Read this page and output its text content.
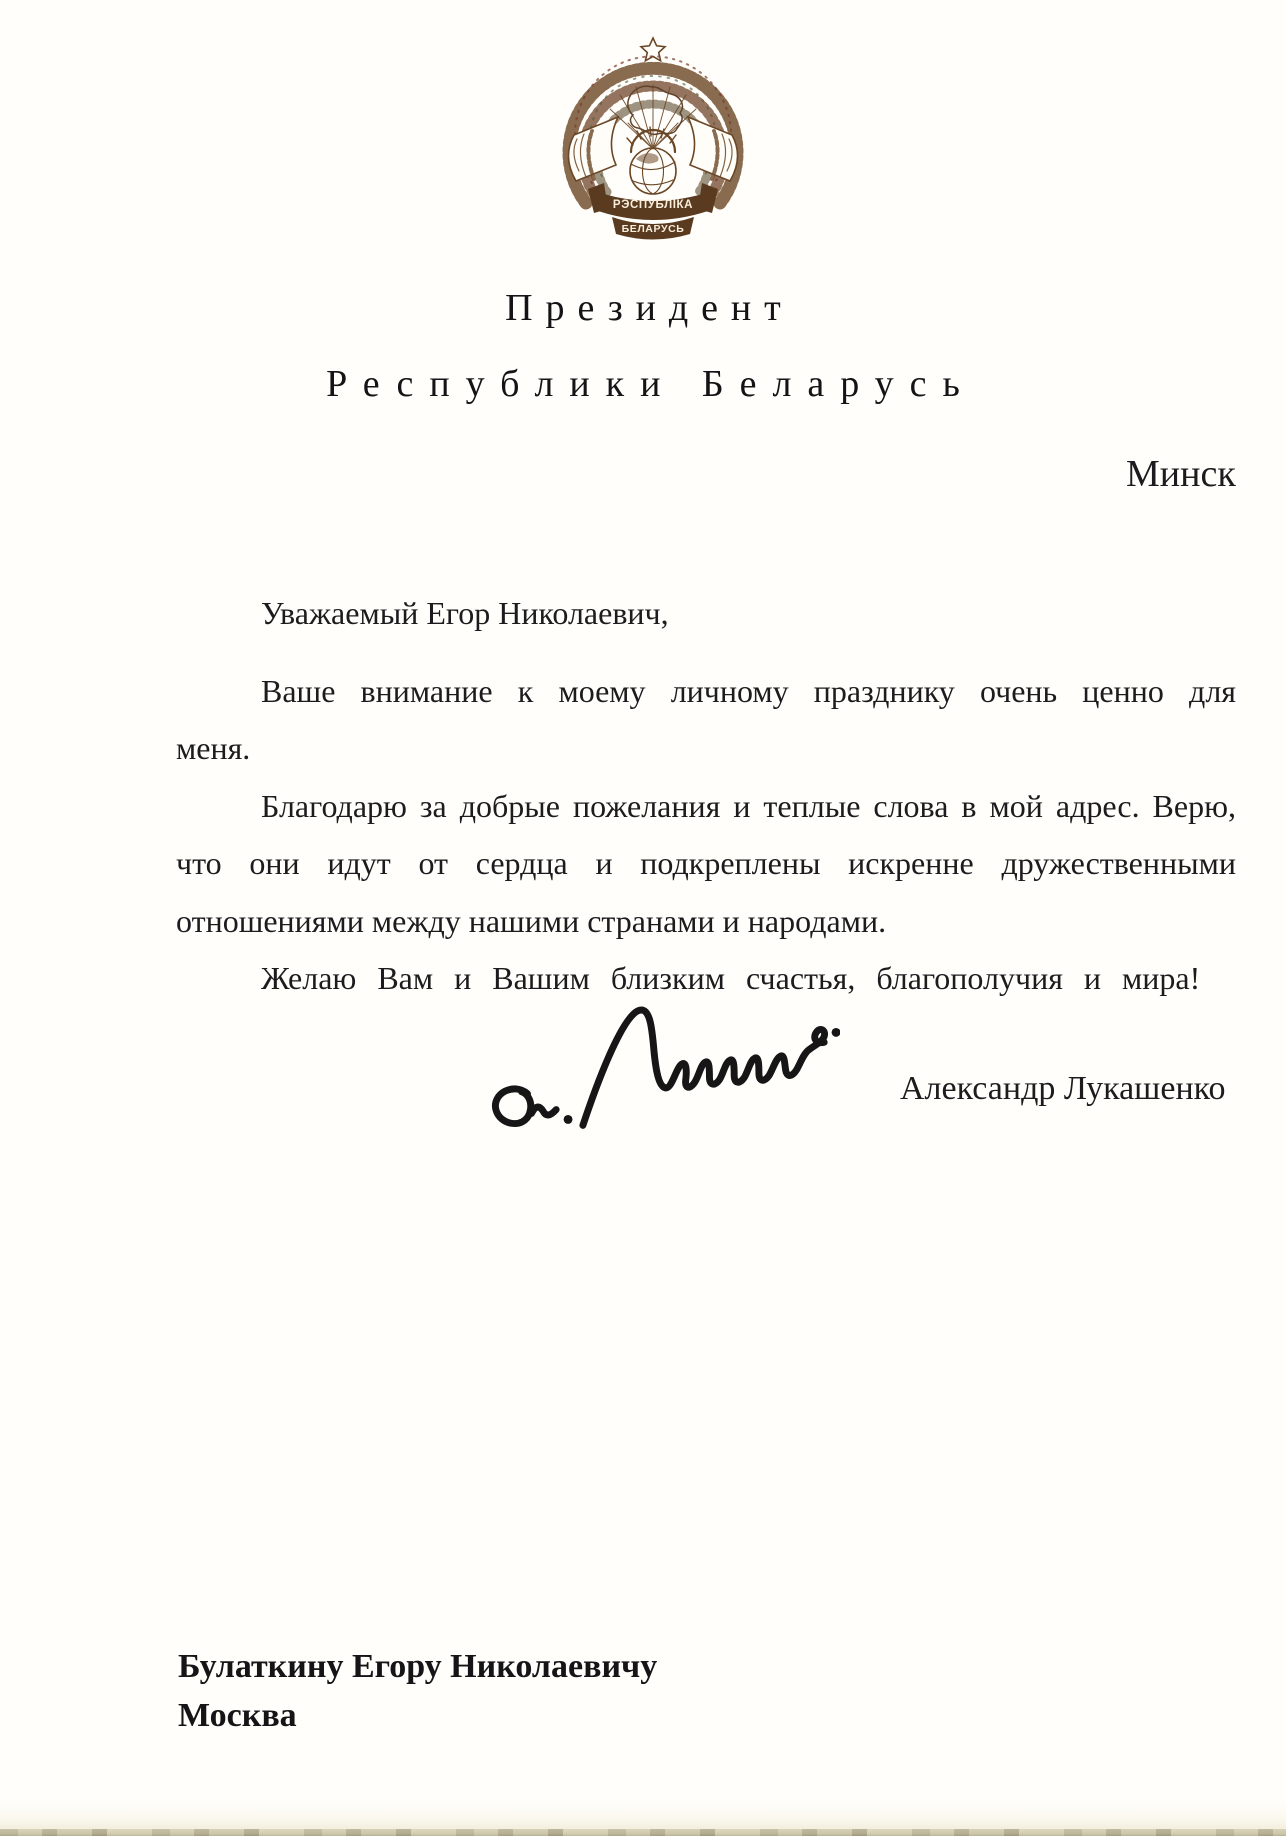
РЭСПУБЛІКА
БЕЛАРУСЬ
Президент
Республики Беларусь
Минск

Уважаемый Егор Николаевич,

Ваше внимание к моему личному празднику очень ценно для меня.

Благодарю за добрые пожелания и теплые слова в мой адрес. Верю, что они идут от сердца и подкреплены искренне дружественными отношениями между нашими странами и народами.

Желаю Вам и Вашим близким счастья, благополучия и мира!

Александр Лукашенко
Булаткину Егору Николаевичу
Москва
